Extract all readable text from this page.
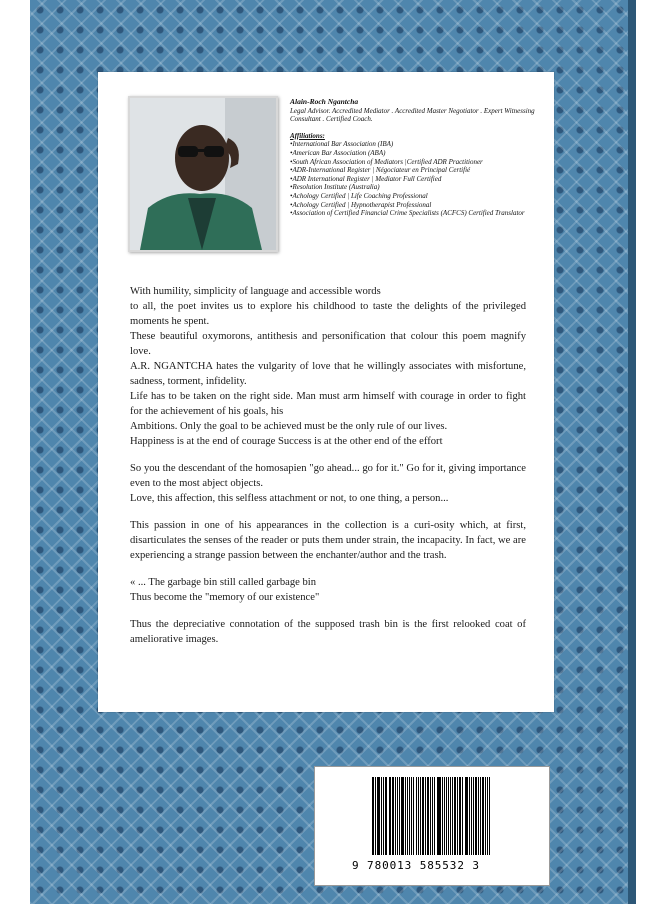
Alain-Roch Ngantcha
Legal Advisor. Accredited Mediator . Accredited Master Negotiator . Expert Witnessing Consultant . Certified Coach.
Affiliations:
•International Bar Association (IBA)
•American Bar Association (ABA)
•South African Association of Mediators |Certified ADR Practitioner
•ADR-International Register | Négociateur en Principal Certifié
•ADR International Register | Mediator Full Certified
•Resolution Institute (Australia)
•Achology Certified | Life Coaching Professional
•Achology Certified | Hypnotherapist Professional
•Association of Certified Financial Crime Specialists (ACFCS) Certified Translator

With humility, simplicity of language and accessible words

to all, the poet invites us to explore his childhood to taste the delights of the privileged moments he spent.

These beautiful oxymorons, antithesis and personification that colour this poem magnify love.

A.R. NGANTCHA hates the vulgarity of love that he willingly associates with misfortune, sadness, torment, infidelity.

Life has to be taken on the right side. Man must arm himself with courage in order to fight for the achievement of his goals, his

Ambitions. Only the goal to be achieved must be the only rule of our lives.

Happiness is at the end of courage Success is at the other end of the effort

So you the descendant of the homosapien "go ahead... go for it." Go for it, giving importance even to the most abject objects.

Love, this affection, this selfless attachment or not, to one thing, a person...

This passion in one of his appearances in the collection is a curi-osity which, at first, disarticulates the senses of the reader or puts them under strain, the incapacity. In fact, we are experiencing a strange passion between the enchanter/author and the trash.

« ... The garbage bin still called garbage bin

Thus become the "memory of our existence"

Thus the depreciative connotation of the supposed trash bin is the first relooked coat of ameliorative images.

9 780013 585532 3
